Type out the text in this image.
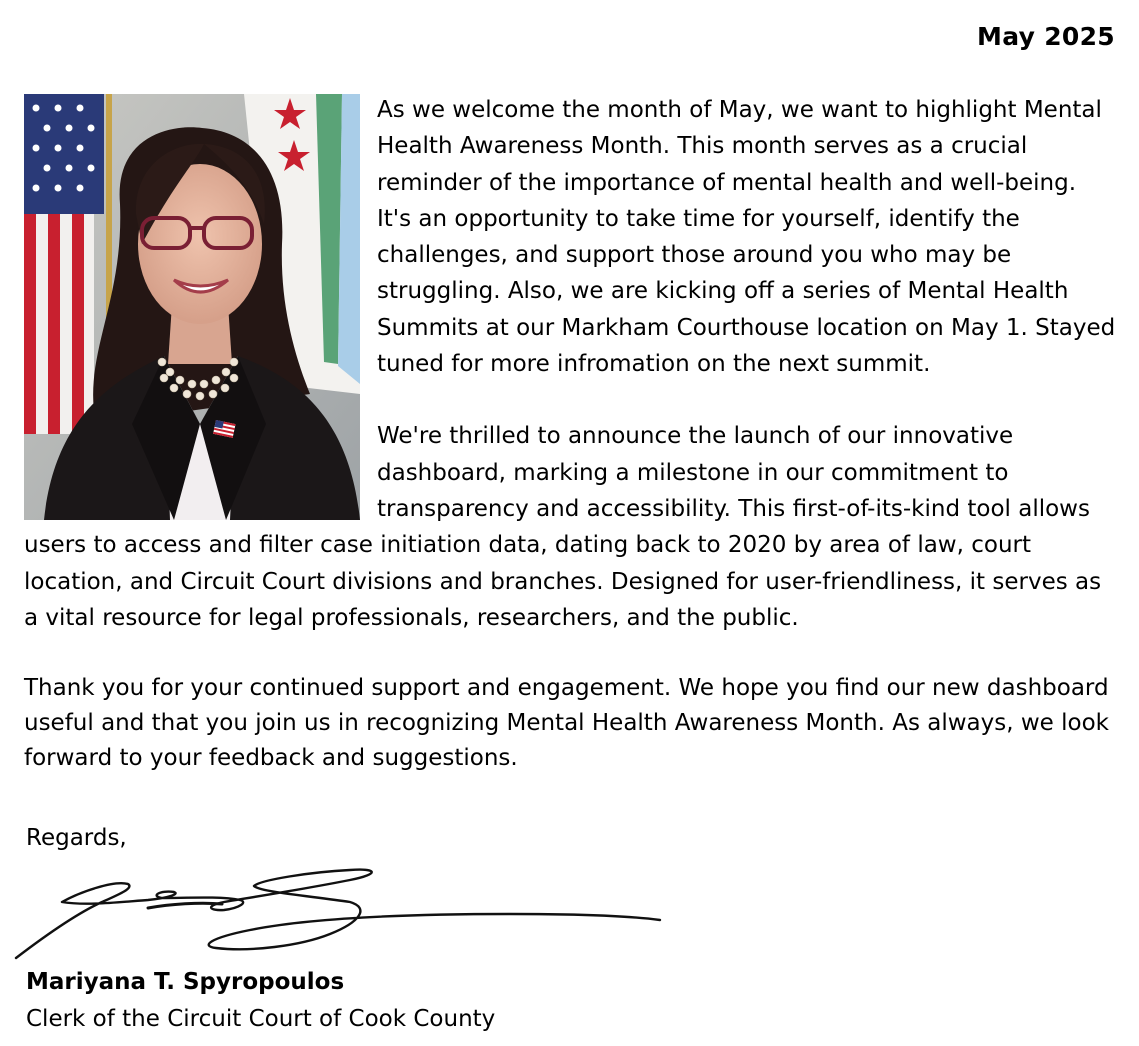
May 2025

As we welcome the month of May, we want to highlight Mental Health Awareness Month. This month serves as a crucial reminder of the importance of mental health and well-being. It's an opportunity to take time for yourself, identify the challenges, and support those around you who may be struggling. Also, we are kicking off a series of Mental Health Summits at our Markham Courthouse location on May 1. Stayed tuned for more infromation on the next summit.

We're thrilled to announce the launch of our innovative dashboard, marking a milestone in our commitment to transparency and accessibility. This first-of-its-kind tool allows users to access and filter case initiation data, dating back to 2020 by area of law, court location, and Circuit Court divisions and branches. Designed for user-friendliness, it serves as a vital resource for legal professionals, researchers, and the public.

Thank you for your continued support and engagement. We hope you find our new dashboard useful and that you join us in recognizing Mental Health Awareness Month. As always, we look forward to your feedback and suggestions.

Regards,
Mariyana T. Spyropoulos
Clerk of the Circuit Court of Cook County
